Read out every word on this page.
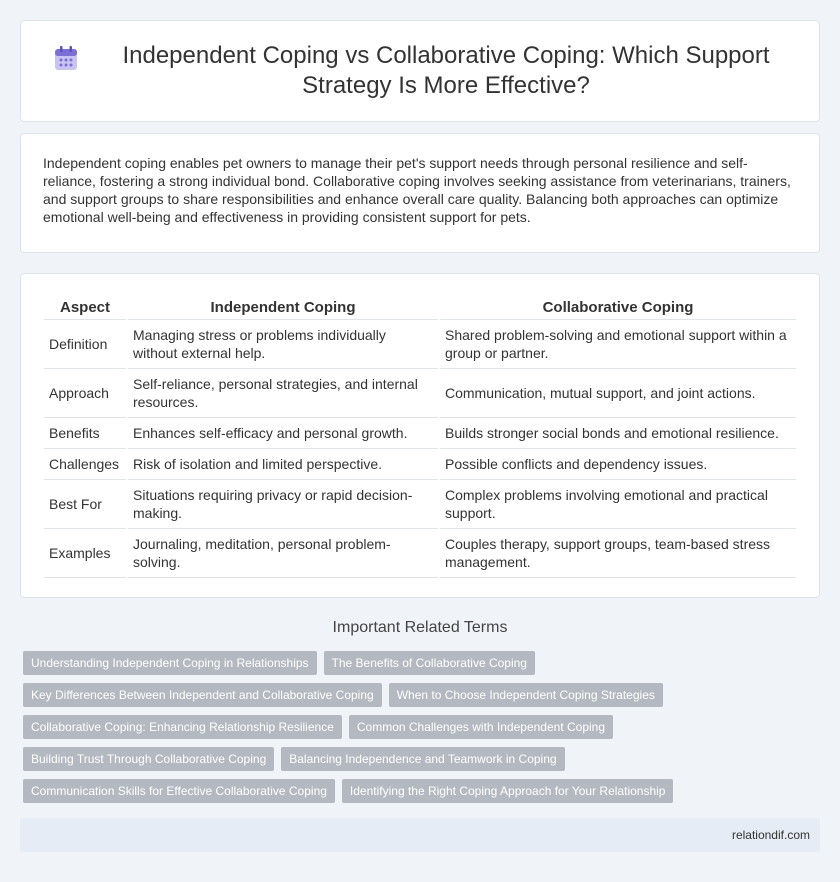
Independent Coping vs Collaborative Coping: Which Support Strategy Is More Effective?

Independent coping enables pet owners to manage their pet's support needs through personal resilience and self-reliance, fostering a strong individual bond. Collaborative coping involves seeking assistance from veterinarians, trainers, and support groups to share responsibilities and enhance overall care quality. Balancing both approaches can optimize emotional well-being and effectiveness in providing consistent support for pets.

Aspect	Independent Coping	Collaborative Coping
Definition	Managing stress or problems individually without external help.	Shared problem-solving and emotional support within a group or partner.
Approach	Self-reliance, personal strategies, and internal resources.	Communication, mutual support, and joint actions.
Benefits	Enhances self-efficacy and personal growth.	Builds stronger social bonds and emotional resilience.
Challenges	Risk of isolation and limited perspective.	Possible conflicts and dependency issues.
Best For	Situations requiring privacy or rapid decision-making.	Complex problems involving emotional and practical support.
Examples	Journaling, meditation, personal problem-solving.	Couples therapy, support groups, team-based stress management.
Important Related Terms
Understanding Independent Coping in Relationships	The Benefits of Collaborative Coping
Key Differences Between Independent and Collaborative Coping	When to Choose Independent Coping Strategies
Collaborative Coping: Enhancing Relationship Resilience	Common Challenges with Independent Coping
Building Trust Through Collaborative Coping	Balancing Independence and Teamwork in Coping
Communication Skills for Effective Collaborative Coping	Identifying the Right Coping Approach for Your Relationship
relationdif.com
